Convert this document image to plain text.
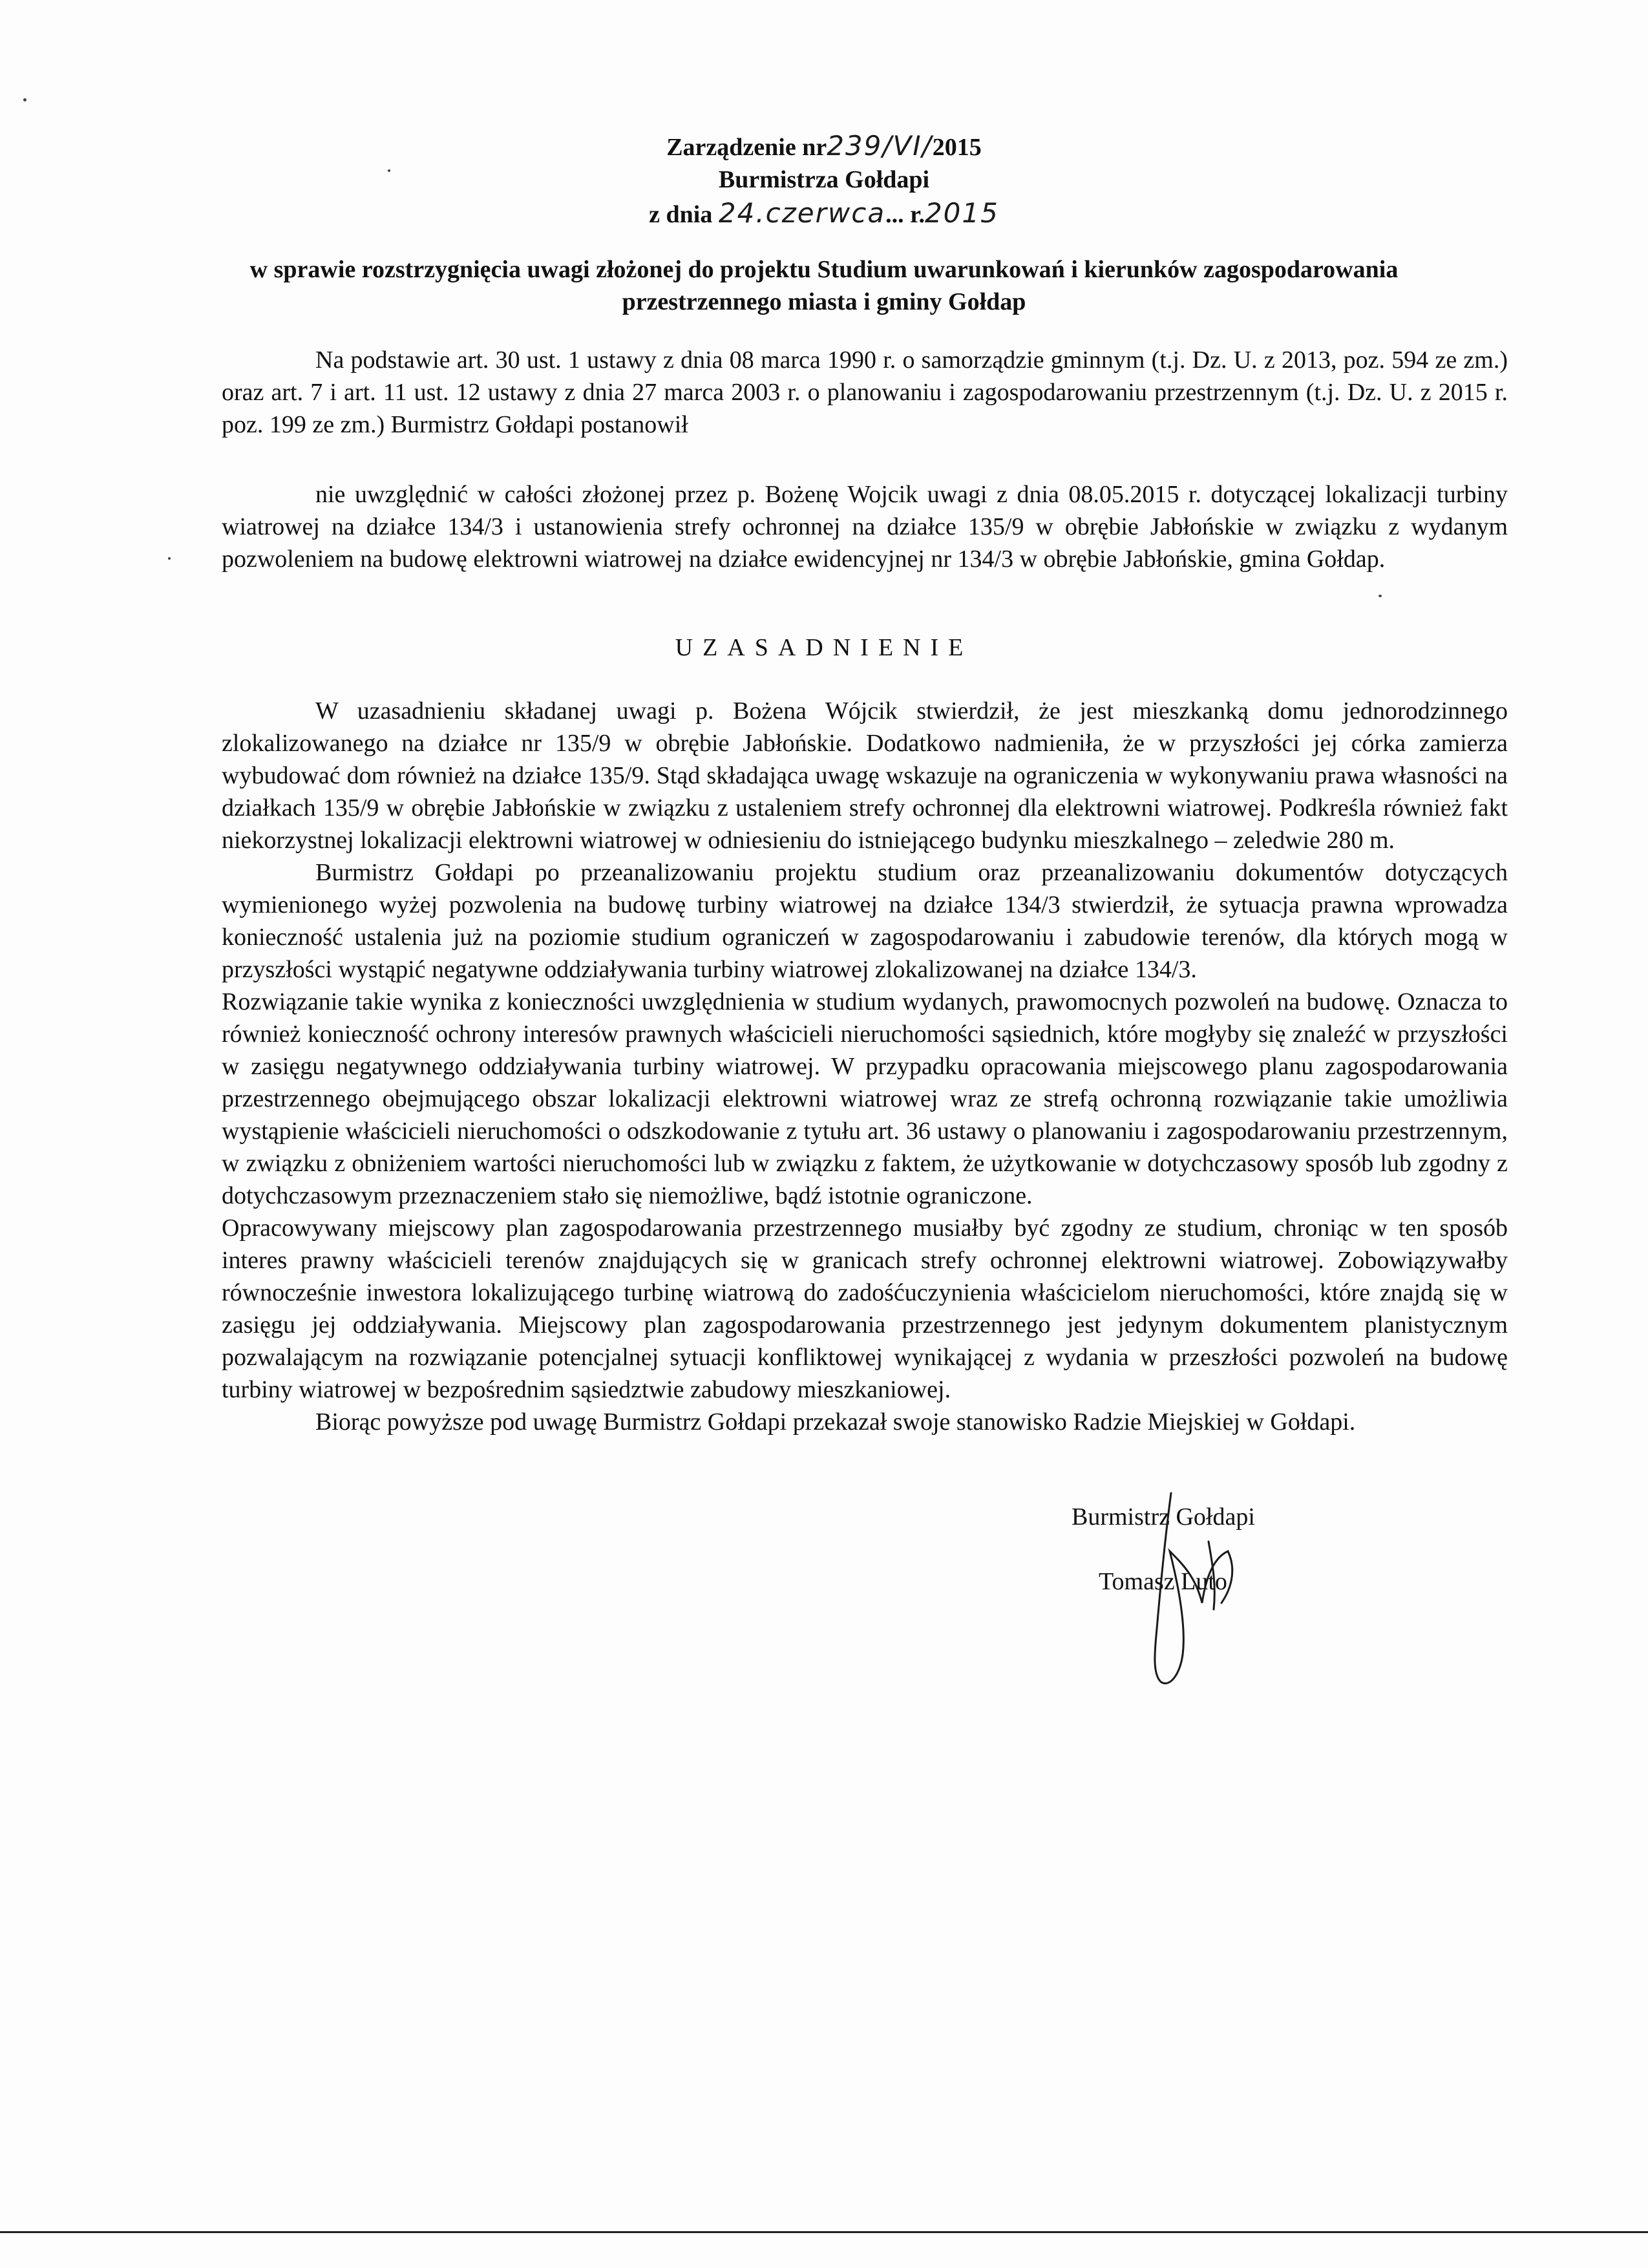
Zarządzenie nr239/VI/2015
Burmistrza Gołdapi
z dnia 24.czerwca... r.2015
w sprawie rozstrzygnięcia uwagi złożonej do projektu Studium uwarunkowań i kierunków zagospodarowania przestrzennego miasta i gminy Gołdap
Na podstawie art. 30 ust. 1 ustawy z dnia 08 marca 1990 r. o samorządzie gminnym (t.j. Dz. U. z 2013, poz. 594 ze zm.) oraz art. 7 i art. 11 ust. 12 ustawy z dnia 27 marca 2003 r. o planowaniu i zagospodarowaniu przestrzennym (t.j. Dz. U. z 2015 r. poz. 199 ze zm.) Burmistrz Gołdapi postanowił
nie uwzględnić w całości złożonej przez p. Bożenę Wojcik uwagi z dnia 08.05.2015 r. dotyczącej lokalizacji turbiny wiatrowej na działce 134/3 i ustanowienia strefy ochronnej na działce 135/9 w obrębie Jabłońskie w związku z wydanym pozwoleniem na budowę elektrowni wiatrowej na działce ewidencyjnej nr 134/3 w obrębie Jabłońskie, gmina Gołdap.
UZASADNIENIE
W uzasadnieniu składanej uwagi p. Bożena Wójcik stwierdził, że jest mieszkanką domu jednorodzinnego zlokalizowanego na działce nr 135/9 w obrębie Jabłońskie. Dodatkowo nadmieniła, że w przyszłości jej córka zamierza wybudować dom również na działce 135/9. Stąd składająca uwagę wskazuje na ograniczenia w wykonywaniu prawa własności na działkach 135/9 w obrębie Jabłońskie w związku z ustaleniem strefy ochronnej dla elektrowni wiatrowej. Podkreśla również fakt niekorzystnej lokalizacji elektrowni wiatrowej w odniesieniu do istniejącego budynku mieszkalnego – zeledwie 280 m.
Burmistrz Gołdapi po przeanalizowaniu projektu studium oraz przeanalizowaniu dokumentów dotyczących wymienionego wyżej pozwolenia na budowę turbiny wiatrowej na działce 134/3 stwierdził, że sytuacja prawna wprowadza konieczność ustalenia już na poziomie studium ograniczeń w zagospodarowaniu i zabudowie terenów, dla których mogą w przyszłości wystąpić negatywne oddziaływania turbiny wiatrowej zlokalizowanej na działce 134/3.
Rozwiązanie takie wynika z konieczności uwzględnienia w studium wydanych, prawomocnych pozwoleń na budowę. Oznacza to również konieczność ochrony interesów prawnych właścicieli nieruchomości sąsiednich, które mogłyby się znaleźć w przyszłości w zasięgu negatywnego oddziaływania turbiny wiatrowej. W przypadku opracowania miejscowego planu zagospodarowania przestrzennego obejmującego obszar lokalizacji elektrowni wiatrowej wraz ze strefą ochronną rozwiązanie takie umożliwia wystąpienie właścicieli nieruchomości o odszkodowanie z tytułu art. 36 ustawy o planowaniu i zagospodarowaniu przestrzennym, w związku z obniżeniem wartości nieruchomości lub w związku z faktem, że użytkowanie w dotychczasowy sposób lub zgodny z dotychczasowym przeznaczeniem stało się niemożliwe, bądź istotnie ograniczone.
Opracowywany miejscowy plan zagospodarowania przestrzennego musiałby być zgodny ze studium, chroniąc w ten sposób interes prawny właścicieli terenów znajdujących się w granicach strefy ochronnej elektrowni wiatrowej. Zobowiązywałby równocześnie inwestora lokalizującego turbinę wiatrową do zadośćuczynienia właścicielom nieruchomości, które znajdą się w zasięgu jej oddziaływania. Miejscowy plan zagospodarowania przestrzennego jest jedynym dokumentem planistycznym pozwalającym na rozwiązanie potencjalnej sytuacji konfliktowej wynikającej z wydania w przeszłości pozwoleń na budowę turbiny wiatrowej w bezpośrednim sąsiedztwie zabudowy mieszkaniowej.
Biorąc powyższe pod uwagę Burmistrz Gołdapi przekazał swoje stanowisko Radzie Miejskiej w Gołdapi.
Burmistrz Gołdapi
Tomasz Luto
